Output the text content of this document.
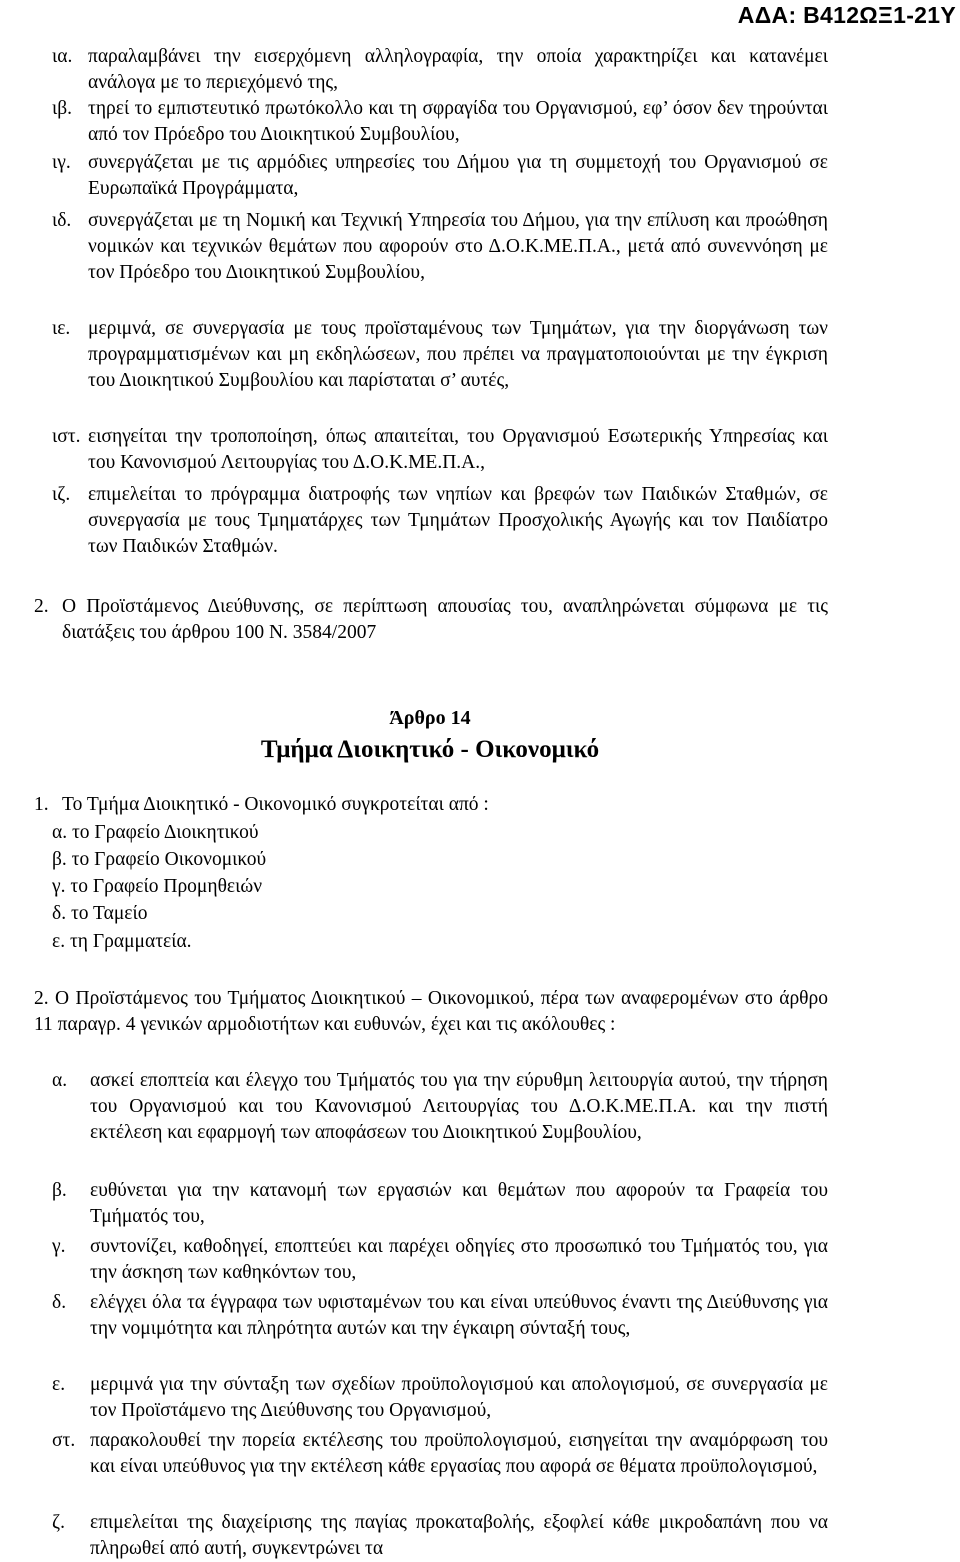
ΑΔΑ: Β412ΩΞ1-21Υ
ια. παραλαμβάνει την εισερχόμενη αλληλογραφία, την οποία χαρακτηρίζει και κατανέμει ανάλογα με το περιεχόμενό της,
ιβ. τηρεί το εμπιστευτικό πρωτόκολλο και τη σφραγίδα του Οργανισμού, εφ’ όσον δεν τηρούνται από τον Πρόεδρο του Διοικητικού Συμβουλίου,
ιγ. συνεργάζεται με τις αρμόδιες υπηρεσίες του Δήμου για τη συμμετοχή του Οργανισμού σε Ευρωπαϊκά Προγράμματα,
ιδ. συνεργάζεται με τη Νομική και Τεχνική Υπηρεσία του Δήμου, για την επίλυση και προώθηση νομικών και τεχνικών θεμάτων που αφορούν στο Δ.Ο.Κ.ΜΕ.Π.Α., μετά από συνεννόηση με τον Πρόεδρο του Διοικητικού Συμβουλίου,
ιε. μεριμνά, σε συνεργασία με τους προϊσταμένους των Τμημάτων, για την διοργάνωση των προγραμματισμένων και μη εκδηλώσεων, που πρέπει να πραγματοποιούνται με την έγκριση του Διοικητικού Συμβουλίου και παρίσταται σ’ αυτές,
ιστ. εισηγείται την τροποποίηση, όπως απαιτείται, του Οργανισμού Εσωτερικής Υπηρεσίας και του Κανονισμού Λειτουργίας του Δ.Ο.Κ.ΜΕ.Π.Α.,
ιζ. επιμελείται το πρόγραμμα διατροφής των νηπίων και βρεφών των Παιδικών Σταθμών, σε συνεργασία με τους Τμηματάρχες των Τμημάτων Προσχολικής Αγωγής και τον Παιδίατρο των Παιδικών Σταθμών.
2. Ο Προϊστάμενος Διεύθυνσης, σε περίπτωση απουσίας του, αναπληρώνεται σύμφωνα με τις διατάξεις του άρθρου 100 Ν. 3584/2007
Άρθρο 14
Τμήμα Διοικητικό - Οικονομικό
1. Το Τμήμα Διοικητικό - Οικονομικό συγκροτείται από :
α. το Γραφείο Διοικητικού
β. το Γραφείο Οικονομικού
γ. το Γραφείο Προμηθειών
δ. το Ταμείο
ε. τη Γραμματεία.
2. Ο Προϊστάμενος του Τμήματος Διοικητικού – Οικονομικού, πέρα των αναφερομένων στο άρθρο 11 παραγρ. 4 γενικών αρμοδιοτήτων και ευθυνών, έχει και τις ακόλουθες :
α. ασκεί εποπτεία και έλεγχο του Τμήματός του για την εύρυθμη λειτουργία αυτού, την τήρηση του Οργανισμού και του Κανονισμού Λειτουργίας του Δ.Ο.Κ.ΜΕ.Π.Α. και την πιστή εκτέλεση και εφαρμογή των αποφάσεων του Διοικητικού Συμβουλίου,
β. ευθύνεται για την κατανομή των εργασιών και θεμάτων που αφορούν τα Γραφεία του Τμήματός του,
γ. συντονίζει, καθοδηγεί, εποπτεύει και παρέχει οδηγίες στο προσωπικό του Τμήματός του, για την άσκηση των καθηκόντων του,
δ. ελέγχει όλα τα έγγραφα των υφισταμένων του και είναι υπεύθυνος έναντι της Διεύθυνσης για την νομιμότητα και πληρότητα αυτών και την έγκαιρη σύνταξή τους,
ε. μεριμνά για την σύνταξη των σχεδίων προϋπολογισμού και απολογισμού, σε συνεργασία με τον Προϊστάμενο της Διεύθυνσης του Οργανισμού,
στ. παρακολουθεί την πορεία εκτέλεσης του προϋπολογισμού, εισηγείται την αναμόρφωση του και είναι υπεύθυνος για την εκτέλεση κάθε εργασίας που αφορά σε θέματα προϋπολογισμού,
ζ. επιμελείται της διαχείρισης της παγίας προκαταβολής, εξοφλεί κάθε μικροδαπάνη που να πληρωθεί από αυτή, συγκεντρώνει τα
